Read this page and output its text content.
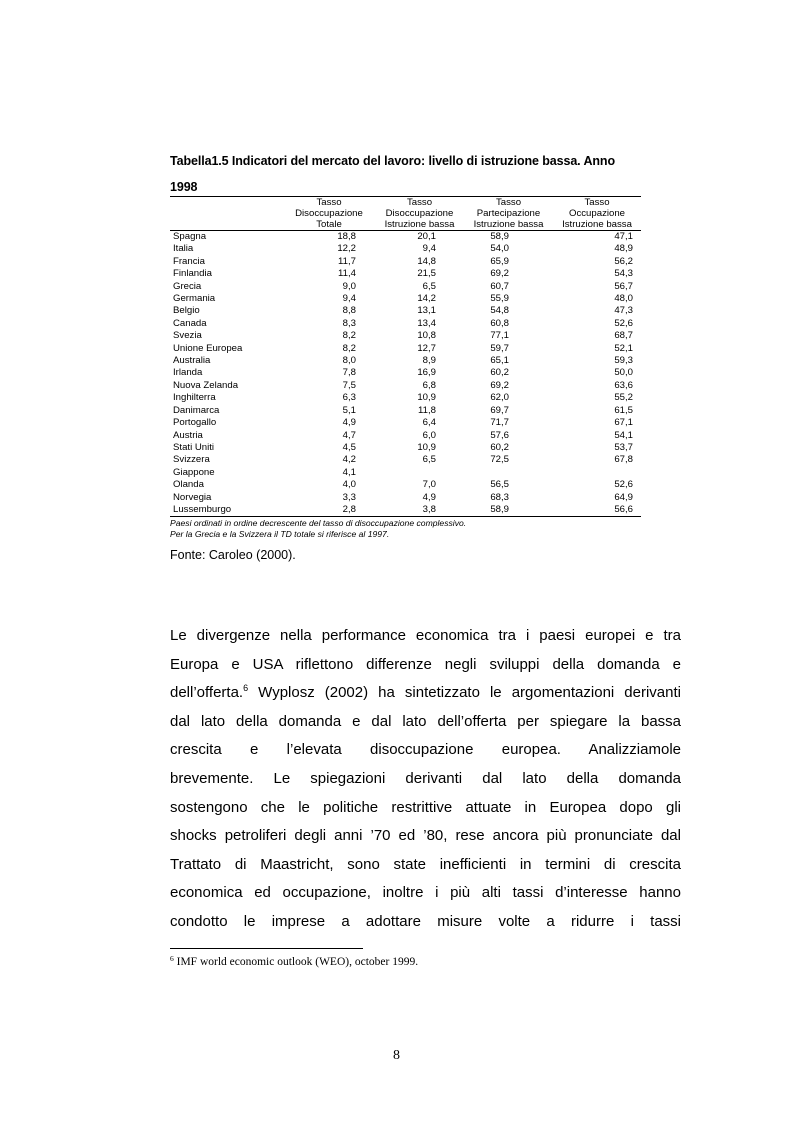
Tabella1.5 Indicatori del mercato del lavoro: livello di istruzione bassa. Anno
1998
	Tasso	Tasso	Tasso	Tasso
	Disoccupazione	Disoccupazione	Partecipazione	Occupazione
	Totale	Istruzione bassa	Istruzione bassa	Istruzione bassa
Spagna	18,8	20,1	58,9	47,1
Italia	12,2	9,4	54,0	48,9
Francia	11,7	14,8	65,9	56,2
Finlandia	11,4	21,5	69,2	54,3
Grecia	9,0	6,5	60,7	56,7
Germania	9,4	14,2	55,9	48,0
Belgio	8,8	13,1	54,8	47,3
Canada	8,3	13,4	60,8	52,6
Svezia	8,2	10,8	77,1	68,7
Unione Europea	8,2	12,7	59,7	52,1
Australia	8,0	8,9	65,1	59,3
Irlanda	7,8	16,9	60,2	50,0
Nuova Zelanda	7,5	6,8	69,2	63,6
Inghilterra	6,3	10,9	62,0	55,2
Danimarca	5,1	11,8	69,7	61,5
Portogallo	4,9	6,4	71,7	67,1
Austria	4,7	6,0	57,6	54,1
Stati Uniti	4,5	10,9	60,2	53,7
Svizzera	4,2	6,5	72,5	67,8
Giappone	4,1			
Olanda	4,0	7,0	56,5	52,6
Norvegia	3,3	4,9	68,3	64,9
Lussemburgo	2,8	3,8	58,9	56,6
Paesi ordinati in ordine decrescente del tasso di disoccupazione complessivo.
Per la Grecia e la Svizzera il TD totale si riferisce al 1997.
Fonte: Caroleo (2000).

Le divergenze nella performance economica tra i paesi europei e tra
Europa e USA riflettono differenze negli sviluppi della domanda e
dell’offerta.$^6$ Wyplosz (2002) ha sintetizzato le argomentazioni derivanti
dal lato della domanda e dal lato dell’offerta per spiegare la bassa
crescita e l’elevata disoccupazione europea. Analizziamole
brevemente. Le spiegazioni derivanti dal lato della domanda
sostengono che le politiche restrittive attuate in Europea dopo gli
shocks petroliferi degli anni ’70 ed ’80, rese ancora più pronunciate dal
Trattato di Maastricht, sono state inefficienti in termini di crescita
economica ed occupazione, inoltre i più alti tassi d’interesse hanno
condotto le imprese a adottare misure volte a ridurre i tassi

$^6$ IMF world economic outlook (WEO), october 1999.
8
